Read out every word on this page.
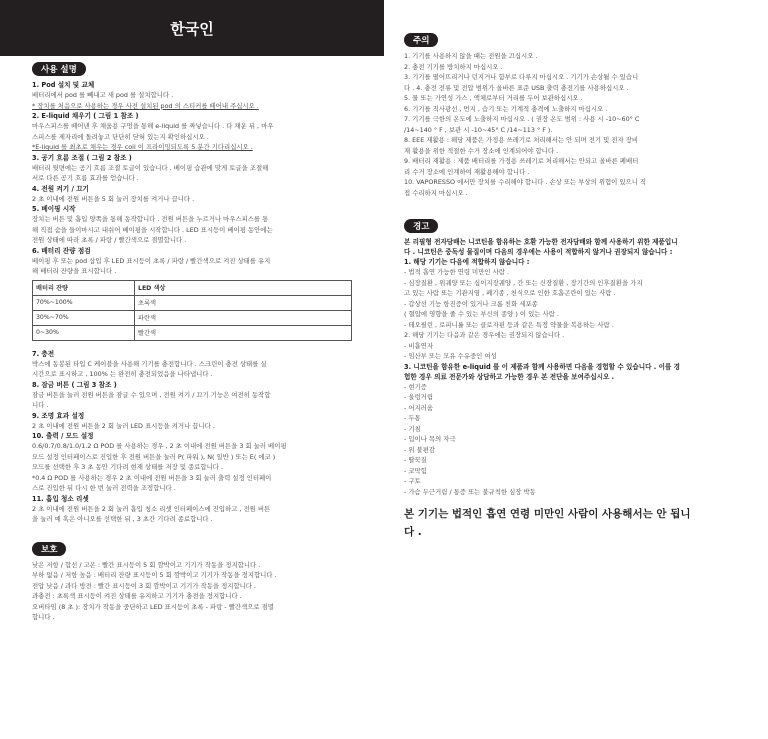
한국인
사용 설명
1. Pod 설치 및 교체
배터리에서 pod 를 빼내고 새 pod 를 설치합니다 .
* 장치를 처음으로 사용하는 경우 사전 설치된 pod 의 스티커를 떼어내 주십시오 .
2. E-liquid 채우기 ( 그림 1 참조 )
마우스피스를 떼어낸 후 채움용 구멍을 통해 e-liquid 를 짜넣습니다 . 다 채운 뒤 , 마우
스피스를 제자리에 돌려놓고 단단히 닫혀 있는지 확인하십시오 .
*E-liquid 를 최초로 채우는 경우 coil 이 프라이밍되도록 5 분간 기다리십시오 .
3. 공기 흐름 조절 ( 그림 2 참조 )
배터리 뒷면에는 공기 흐름 조절 토글이 있습니다 . 베이핑 습관에 맞게 토글을 조절해
서로 다른 공기 흐름 효과를 얻습니다 .
4. 전원 켜기 / 끄기
2 초 이내에 전원 버튼을 5 회 눌러 장치를 켜거나 끕니다 .
5. 베이핑 시작
장치는 버튼 및 흡입 양쪽을 통해 동작합니다 . 전원 버튼을 누르거나 마우스피스를 통
해 직접 숨을 들이마시고 내쉬어 베이핑을 시작합니다 . LED 표시등이 베이핑 동안에는
전원 상태에 따라 초록 / 파랑 / 빨간색으로 점멸합니다 .
6. 배터리 잔량 점검
베이핑 후 또는 pod 삽입 후 LED 표시등이 초록 / 파랑 / 빨간색으로 켜진 상태를 유지
해 배터리 잔량을 표시합니다 .
배터리 잔량	LED 색상
70%~100%	초록색
30%~70%	파란색
0~30%	빨간색
7. 충전
박스에 동봉된 타입 C 케이블을 사용해 기기를 충전합니다 . 스크린이 충전 상태를 실
시간으로 표시하고 , 100% 는 완전히 충전되었음을 나타냅니다 .
8. 잠금 버튼 ( 그림 3 참조 )
잠금 버튼을 눌러 전원 버튼을 잠글 수 있으며 , 전원 켜기 / 끄기 기능은 여전히 동작합
니다 .
9. 조명 효과 설정
2 초 이내에 전원 버튼을 2 회 눌러 LED 표시등을 켜거나 끕니다 .
10. 출력 / 모드 설정
0.6/0.7/0.8/1.0/1.2 Ω POD 를 사용하는 경우 , 2 초 이내에 전원 버튼을 3 회 눌러 베이핑
모드 설정 인터페이스로 진입한 후 전원 버튼을 눌러 P( 파워 ), N( 일반 ) 또는 E( 에코 )
모드를 선택한 후 3 초 동안 기다려 현재 상태를 저장 및 종료합니다 .
*0.4 Ω POD 를 사용하는 경우 2 초 이내에 전원 버튼을 3 회 눌러 출력 설정 인터페이
스로 진입한 뒤 다시 한 번 눌러 전력을 조정합니다 .
11. 흡입 청소 리셋
2 초 이내에 전원 버튼을 2 회 눌러 흡입 청소 리셋 인터페이스에 진입하고 , 전원 버튼
을 눌러 예 혹은 아니오를 선택한 뒤 , 3 초간 기다려 종료합니다 .
보호
낮은 저항 / 합선 / 고온 : 빨간 표시등이 5 회 깜박이고 기기가 작동을 정지합니다 .
부하 없음 / 저항 높음 : 배터리 잔량 표시등이 5 회 깜박이고 기기가 작동을 정지합니다 .
전압 낮음 / 과다 방전 : 빨간 표시등이 3 회 깜박이고 기기가 작동을 정지합니다 .
과충전 : 초록색 표시등이 켜진 상태를 유지하고 기기가 충전을 정지합니다 .
오버타임 (8 초 ): 장치가 작동을 중단하고 LED 표시등이 초록 - 파랑 - 빨간색으로 점멸
합니다 .
주의
1. 기기를 사용하지 않을 때는 전원을 끄십시오 .
2. 충전 기기를 방치하지 마십시오 .
3. 기기를 떨어뜨리거나 던지거나 함부로 다루지 마십시오 . 기기가 손상될 수 있습니
다 . 4. 충전 전류 및 전압 범위가 올바른 표준 USB 출력 충전기를 사용하십시오 .
5. 물 또는 가연성 가스 , 액체로부터 거리를 두어 보관하십시오 .
6. 기기를 직사광선 , 먼지 , 습기 또는 기계적 충격에 노출하지 마십시오 .
7. 기기를 극한의 온도에 노출하지 마십시오 . ( 권장 온도 범위 : 사용 시 -10~60° C
/14~140 ° F , 보관 시 -10~45° C /14~113 ° F ).
8. EEE 재활용 : 해당 제품은 가정용 쓰레기로 처리해서는 안 되며 전기 및 전자 장비
재 활용을 위한 적절한 수거 장소에 인계되어야 합니다 .
9. 배터리 재활용 : 제품 배터리를 가정용 쓰레기로 처리해서는 안되고 올바른 폐배터
리 수거 장소에 인계하여 재활용해야 합니다 .
10. VAPORESSO 에서만 장치를 수리해야 합니다 . 손상 또는 부상의 위험이 있으니 직
접 수리하지 마십시오 .
경고
본 리필형 전자담배는 니코틴을 함유하는 호환 가능한 전자담배와 함께 사용하기 위한 제품입니
다 . 니코틴은 중독성 물질이며 다음의 경우에는 사용이 적합하지 않거나 권장되지 않습니다 :
1. 해당 기기는 다음에 적합하지 않습니다 :
- 법적 흡연 가능한 연령 미만인 사람 .
- 심장질환 , 위궤양 또는 십이지장궤양 , 간 또는 신장질환 , 장기간의 인후질환을 가지
고 있는 사람 또는 기관지염 , 폐기종 , 천식으로 인한 호흡곤란이 있는 사람 .
- 갑상선 기능 항진증이 있거나 크롬 친화 세포종
( 혈압에 영향을 줄 수 있는 부신의 종양 ) 이 있는 사람 .
- 테오필린 , 로피니롤 또는 클로자핀 등과 같은 특정 약물을 복용하는 사람 .
2. 해당 기기는 다음과 같은 경우에는 권장되지 않습니다 .
- 비흡연자
- 임산부 또는 모유 수유중인 여성
3. 니코틴을 함유한 e-liquid 를 이 제품과 함께 사용하면 다음을 경험할 수 있습니다 . 이를 경
험한 경우 의료 전문가와 상담하고 가능한 경우 본 전단을 보여주십시오 .
- 현기증
- 울렁거림
- 어지러움
- 두통
- 기침
- 입이나 목의 자극
- 위 불편감
- 딸꾹질
- 코막힘
- 구토
- 가슴 두근거림 / 통증 또는 불규칙한 심장 박동
본 기기는 법적인 흡연 연령 미만인 사람이 사용해서는 안 됩니
다 .
